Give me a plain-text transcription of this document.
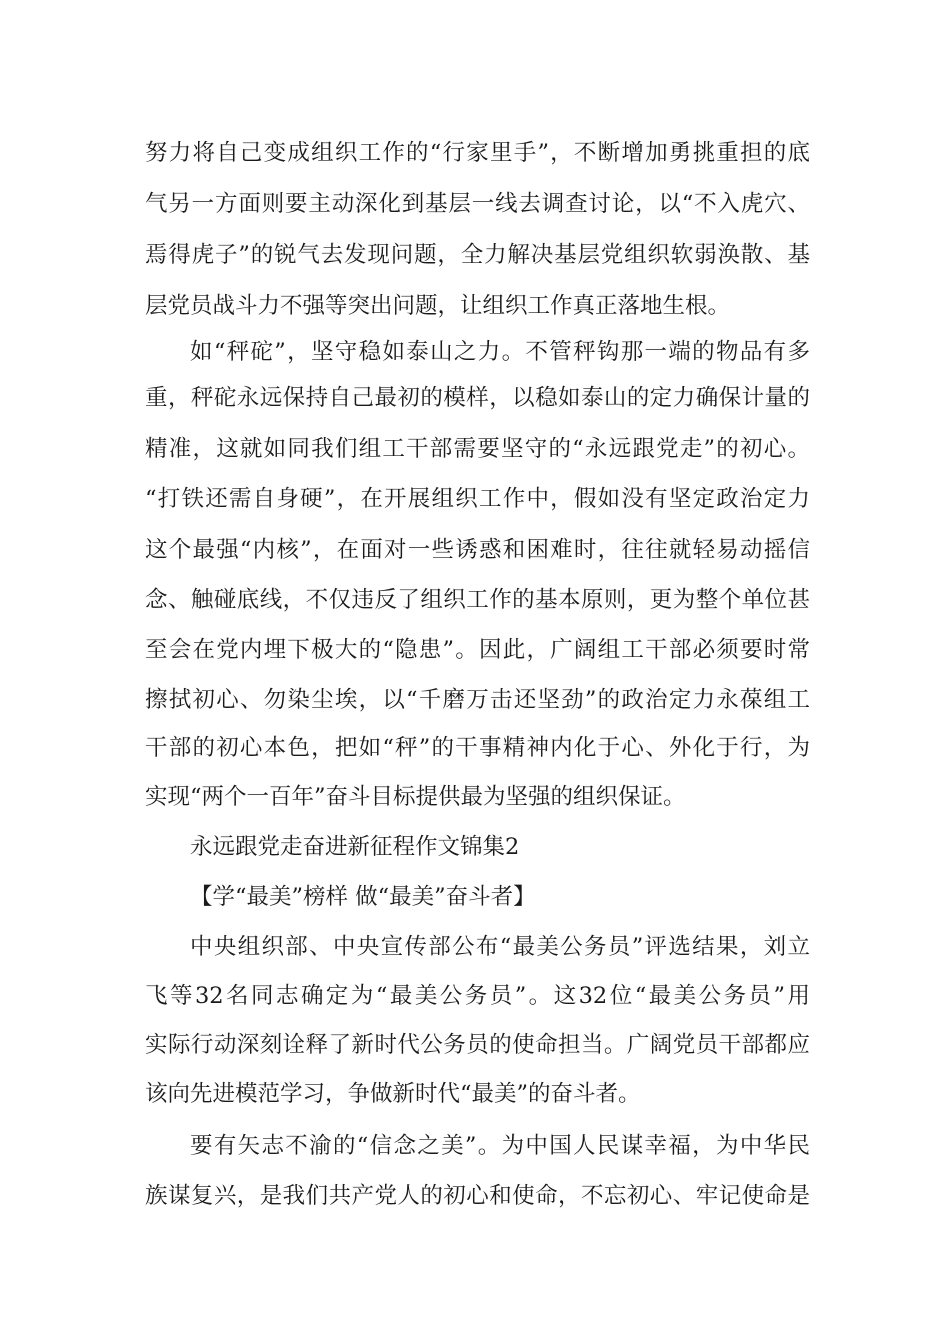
努力将自己变成组织工作的“行家里手”，不断增加勇挑重担的底
气另一方面则要主动深化到基层一线去调查讨论，以“不入虎穴、
焉得虎子”的锐气去发现问题，全力解决基层党组织软弱涣散、基
层党员战斗力不强等突出问题，让组织工作真正落地生根。
如“秤砣”，坚守稳如泰山之力。不管秤钩那一端的物品有多
重，秤砣永远保持自己最初的模样，以稳如泰山的定力确保计量的
精准，这就如同我们组工干部需要坚守的“永远跟党走”的初心。
“打铁还需自身硬”，在开展组织工作中，假如没有坚定政治定力
这个最强“内核”，在面对一些诱惑和困难时，往往就轻易动摇信
念、触碰底线，不仅违反了组织工作的基本原则，更为整个单位甚
至会在党内埋下极大的“隐患”。因此，广阔组工干部必须要时常
擦拭初心、勿染尘埃，以“千磨万击还坚劲”的政治定力永葆组工
干部的初心本色，把如“秤”的干事精神内化于心、外化于行，为
实现“两个一百年”奋斗目标提供最为坚强的组织保证。
永远跟党走奋进新征程作文锦集2
【学“最美”榜样 做“最美”奋斗者】
中央组织部、中央宣传部公布“最美公务员”评选结果，刘立
飞等32名同志确定为“最美公务员”。这32位“最美公务员”用
实际行动深刻诠释了新时代公务员的使命担当。广阔党员干部都应
该向先进模范学习，争做新时代“最美”的奋斗者。
要有矢志不渝的“信念之美”。为中国人民谋幸福，为中华民
族谋复兴，是我们共产党人的初心和使命，不忘初心、牢记使命是
